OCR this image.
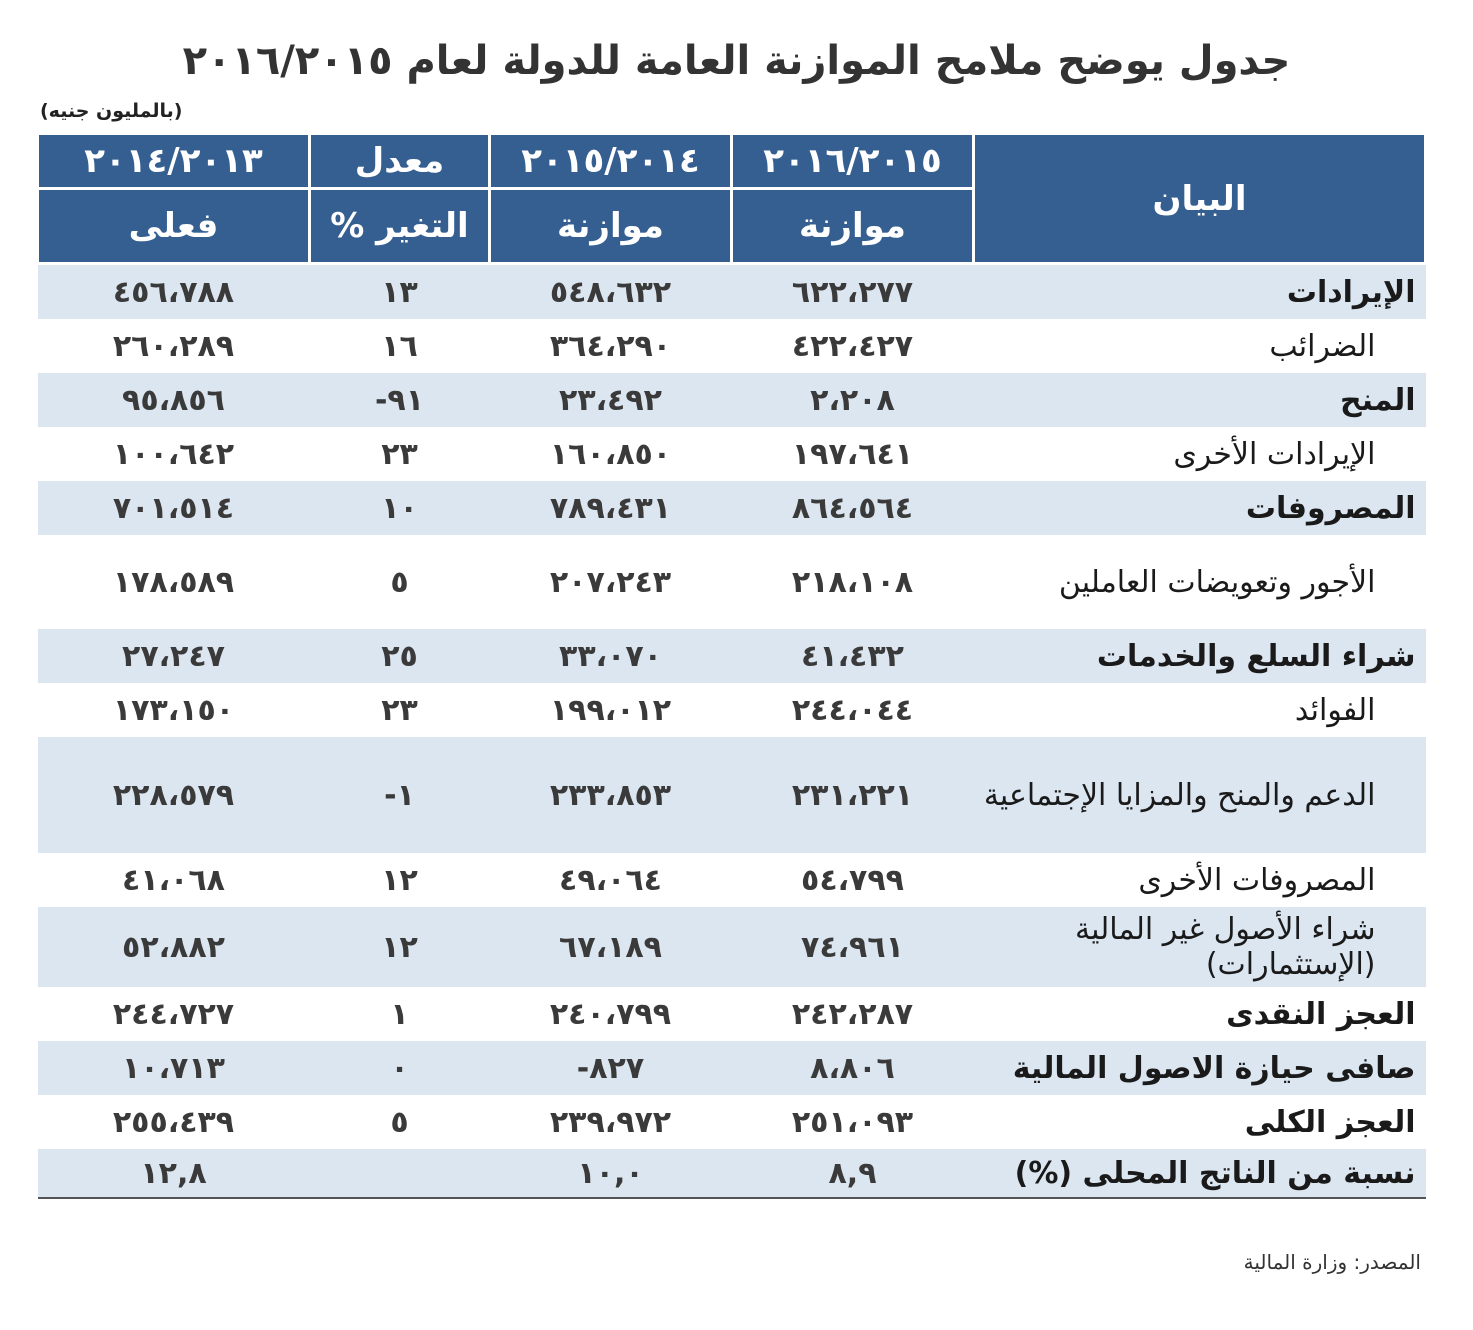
جدول يوضح ملامح الموازنة العامة للدولة لعام ٢٠١٦/٢٠١٥
(بالمليون جنيه)
البيان	٢٠١٦/٢٠١٥	٢٠١٥/٢٠١٤	معدل	٢٠١٤/٢٠١٣
	موازنة	موازنة	التغير %	فعلى
الإيرادات	٦٢٢،٢٧٧	٥٤٨،٦٣٢	١٣	٤٥٦،٧٨٨
الضرائب	٤٢٢،٤٢٧	٣٦٤،٢٩٠	١٦	٢٦٠،٢٨٩
المنح	٢،٢٠٨	٢٣،٤٩٢	٩١-	٩٥،٨٥٦
الإيرادات الأخرى	١٩٧،٦٤١	١٦٠،٨٥٠	٢٣	١٠٠،٦٤٢
المصروفات	٨٦٤،٥٦٤	٧٨٩،٤٣١	١٠	٧٠١،٥١٤
الأجور وتعويضات العاملين	٢١٨،١٠٨	٢٠٧،٢٤٣	٥	١٧٨،٥٨٩
شراء السلع والخدمات	٤١،٤٣٢	٣٣،٠٧٠	٢٥	٢٧،٢٤٧
الفوائد	٢٤٤،٠٤٤	١٩٩،٠١٢	٢٣	١٧٣،١٥٠
الدعم والمنح والمزايا الإجتماعية	٢٣١،٢٢١	٢٣٣،٨٥٣	١-	٢٢٨،٥٧٩
المصروفات الأخرى	٥٤،٧٩٩	٤٩،٠٦٤	١٢	٤١،٠٦٨
شراء الأصول غير المالية (الإستثمارات)	٧٤،٩٦١	٦٧،١٨٩	١٢	٥٢،٨٨٢
العجز النقدى	٢٤٢،٢٨٧	٢٤٠،٧٩٩	١	٢٤٤،٧٢٧
صافى حيازة الاصول المالية	٨،٨٠٦	٨٢٧-	٠	١٠،٧١٣
العجز الكلى	٢٥١،٠٩٣	٢٣٩،٩٧٢	٥	٢٥٥،٤٣٩
نسبة من الناتج المحلى (%)	٨,٩	١٠,٠		١٢,٨
المصدر: وزارة المالية
